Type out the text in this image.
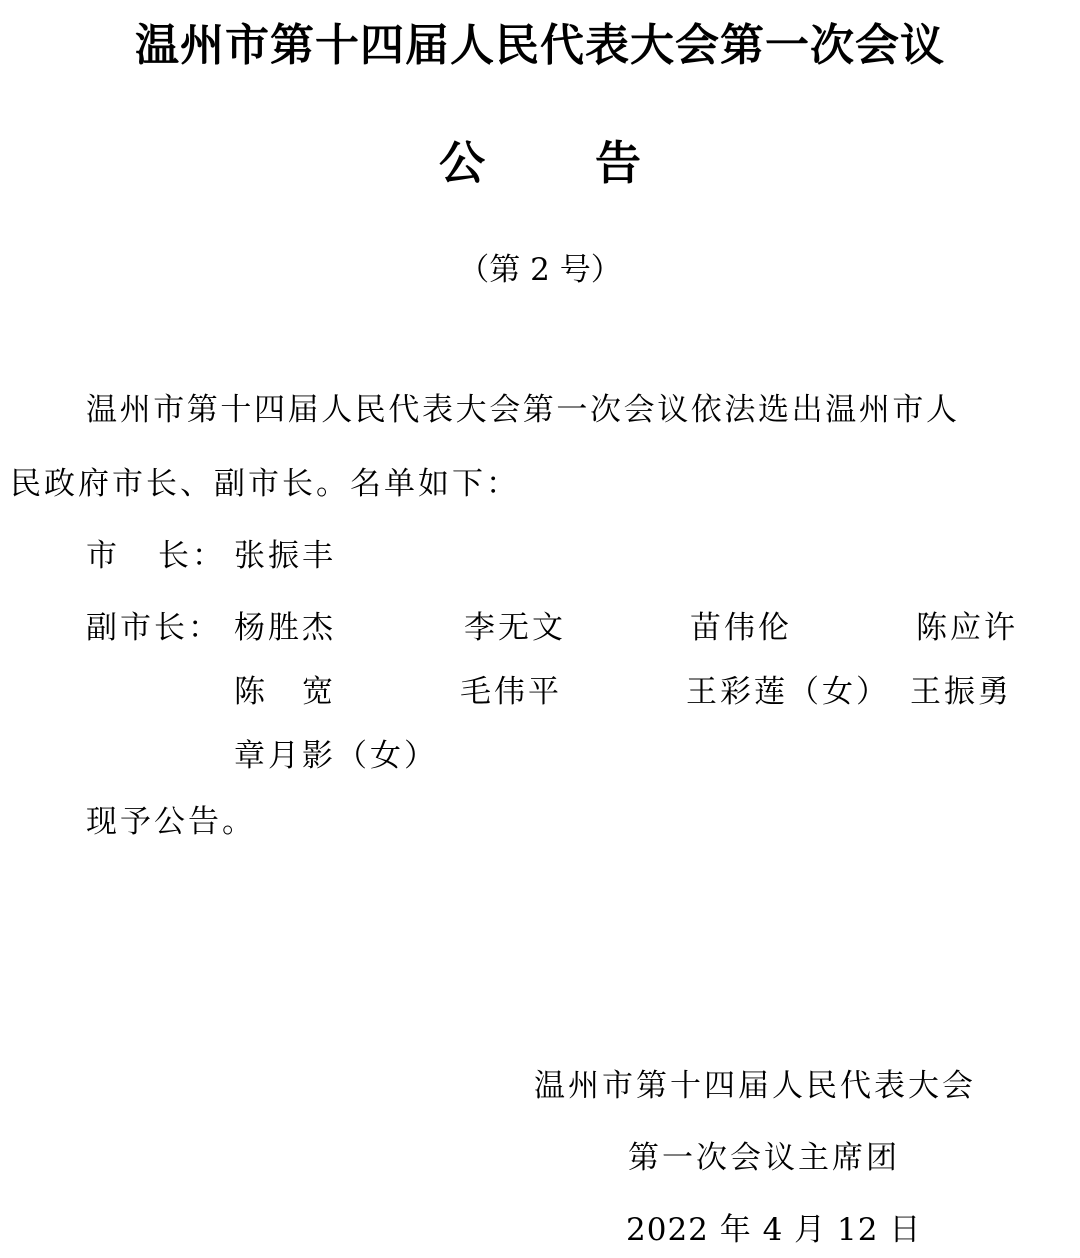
温州市第十四届人民代表大会第一次会议
公 告
（第 2 号）
温州市第十四届人民代表大会第一次会议依法选出温州市人
民政府市长、副市长。名单如下：
市 长： 张振丰
副市长： 杨胜杰	李无文	苗伟伦	陈应许
陈　宽	毛伟平	王彩莲（女） 王振勇
章月影（女）
现予公告。
温州市第十四届人民代表大会
第一次会议主席团
2022 年 4 月 12 日
